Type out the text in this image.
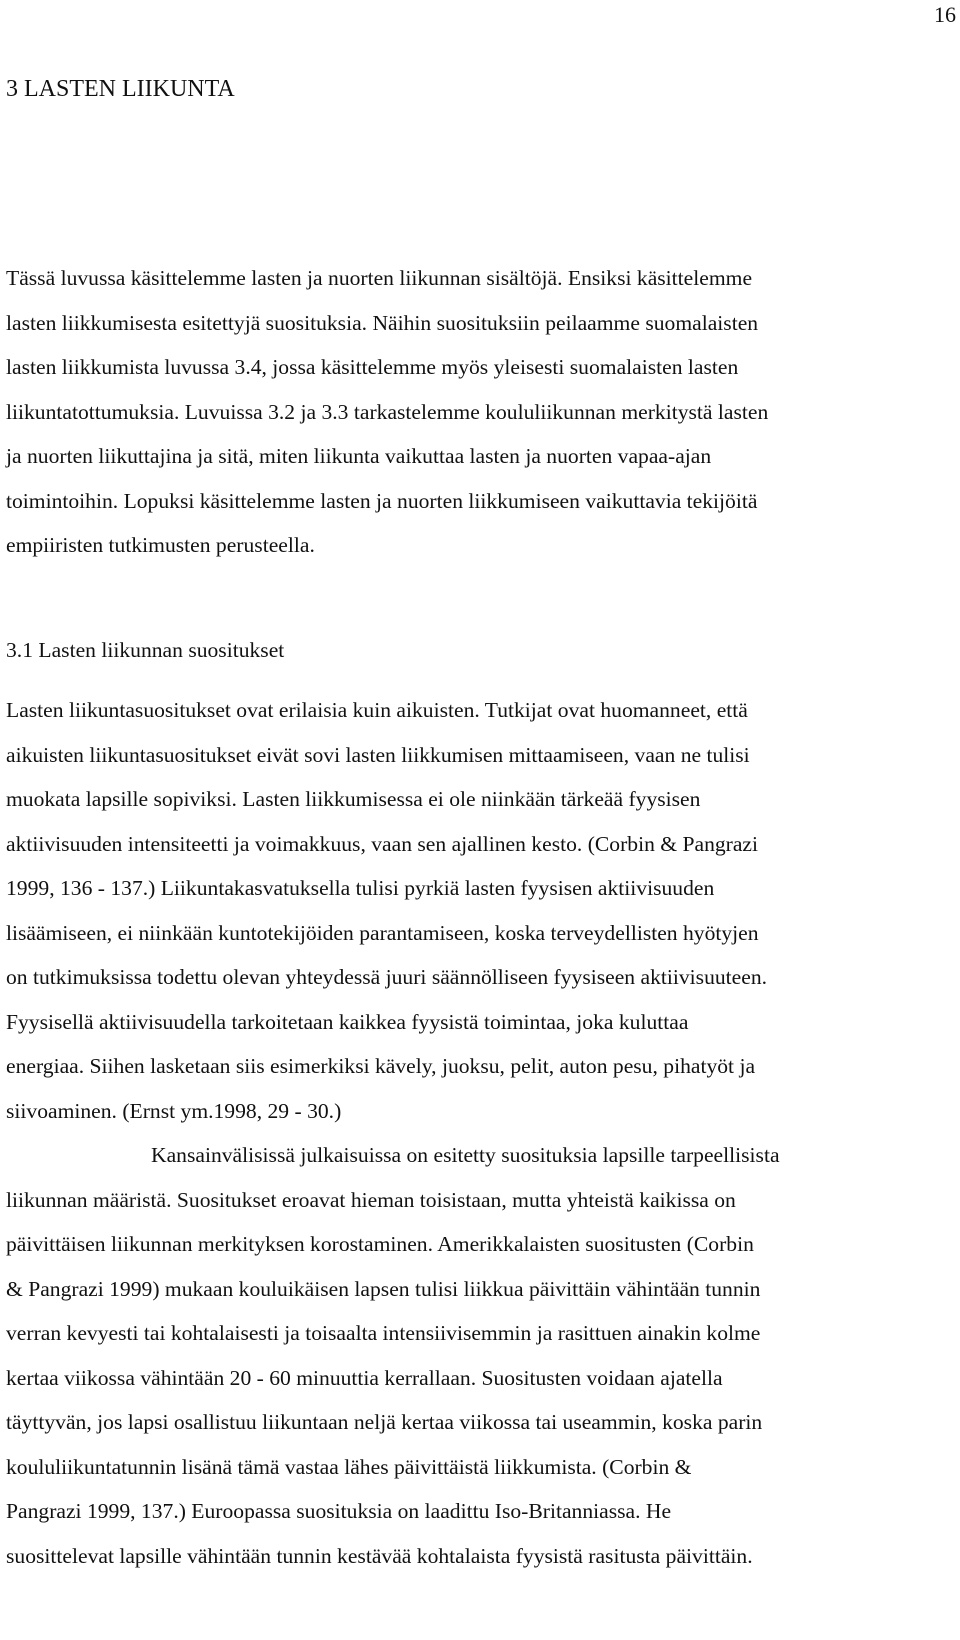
16
3 LASTEN LIIKUNTA
Tässä luvussa käsittelemme lasten ja nuorten liikunnan sisältöjä. Ensiksi käsittelemme
lasten liikkumisesta esitettyjä suosituksia. Näihin suosituksiin peilaamme suomalaisten
lasten liikkumista luvussa 3.4, jossa käsittelemme myös yleisesti suomalaisten lasten
liikuntatottumuksia. Luvuissa 3.2 ja 3.3 tarkastelemme koululiikunnan merkitystä lasten
ja nuorten liikuttajina ja sitä, miten liikunta vaikuttaa lasten ja nuorten vapaa-ajan
toimintoihin. Lopuksi käsittelemme lasten ja nuorten liikkumiseen vaikuttavia tekijöitä
empiiristen tutkimusten perusteella.
3.1 Lasten liikunnan suositukset
Lasten liikuntasuositukset ovat erilaisia kuin aikuisten. Tutkijat ovat huomanneet, että
aikuisten liikuntasuositukset eivät sovi lasten liikkumisen mittaamiseen, vaan ne tulisi
muokata lapsille sopiviksi. Lasten liikkumisessa ei ole niinkään tärkeää fyysisen
aktiivisuuden intensiteetti ja voimakkuus, vaan sen ajallinen kesto. (Corbin & Pangrazi
1999, 136 - 137.) Liikuntakasvatuksella tulisi pyrkiä lasten fyysisen aktiivisuuden
lisäämiseen, ei niinkään kuntotekijöiden parantamiseen, koska terveydellisten hyötyjen
on tutkimuksissa todettu olevan yhteydessä juuri säännölliseen fyysiseen aktiivisuuteen.
Fyysisellä aktiivisuudella tarkoitetaan kaikkea fyysistä toimintaa, joka kuluttaa
energiaa. Siihen lasketaan siis esimerkiksi kävely, juoksu, pelit, auton pesu, pihatyöt ja
siivoaminen. (Ernst ym.1998, 29 - 30.)
Kansainvälisissä julkaisuissa on esitetty suosituksia lapsille tarpeellisista
liikunnan määristä. Suositukset eroavat hieman toisistaan, mutta yhteistä kaikissa on
päivittäisen liikunnan merkityksen korostaminen. Amerikkalaisten suositusten (Corbin
& Pangrazi 1999) mukaan kouluikäisen lapsen tulisi liikkua päivittäin vähintään tunnin
verran kevyesti tai kohtalaisesti ja toisaalta intensiivisemmin ja rasittuen ainakin kolme
kertaa viikossa vähintään 20 - 60 minuuttia kerrallaan. Suositusten voidaan ajatella
täyttyvän, jos lapsi osallistuu liikuntaan neljä kertaa viikossa tai useammin, koska parin
koululiikuntatunnin lisänä tämä vastaa lähes päivittäistä liikkumista. (Corbin &
Pangrazi 1999, 137.) Euroopassa suosituksia on laadittu Iso-Britanniassa. He
suosittelevat lapsille vähintään tunnin kestävää kohtalaista fyysistä rasitusta päivittäin.
